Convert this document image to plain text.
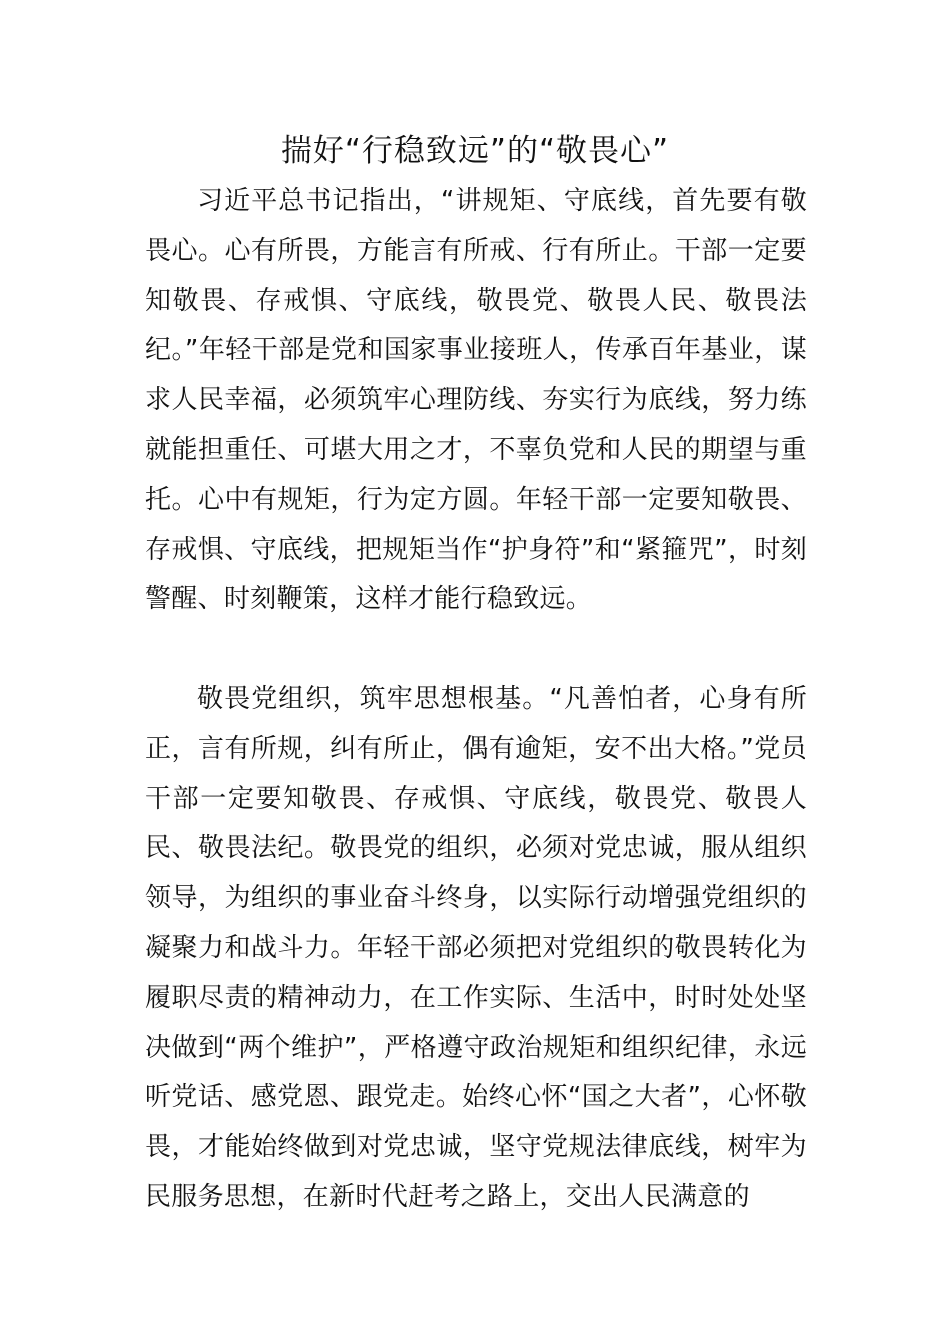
揣好“行稳致远”的“敬畏心”

习近平总书记指出，“讲规矩、守底线，首先要有敬畏心。心有所畏，方能言有所戒、行有所止。干部一定要知敬畏、存戒惧、守底线，敬畏党、敬畏人民、敬畏法纪。”年轻干部是党和国家事业接班人，传承百年基业，谋求人民幸福，必须筑牢心理防线、夯实行为底线，努力练就能担重任、可堪大用之才，不辜负党和人民的期望与重托。心中有规矩，行为定方圆。年轻干部一定要知敬畏、存戒惧、守底线，把规矩当作“护身符”和“紧箍咒”，时刻警醒、时刻鞭策，这样才能行稳致远。

敬畏党组织，筑牢思想根基。“凡善怕者，心身有所正，言有所规，纠有所止，偶有逾矩，安不出大格。”党员干部一定要知敬畏、存戒惧、守底线，敬畏党、敬畏人民、敬畏法纪。敬畏党的组织，必须对党忠诚，服从组织领导，为组织的事业奋斗终身，以实际行动增强党组织的凝聚力和战斗力。年轻干部必须把对党组织的敬畏转化为履职尽责的精神动力，在工作实际、生活中，时时处处坚决做到“两个维护”，严格遵守政治规矩和组织纪律，永远听党话、感党恩、跟党走。始终心怀“国之大者”，心怀敬畏，才能始终做到对党忠诚，坚守党规法律底线，树牢为民服务思想，在新时代赶考之路上，交出人民满意的
